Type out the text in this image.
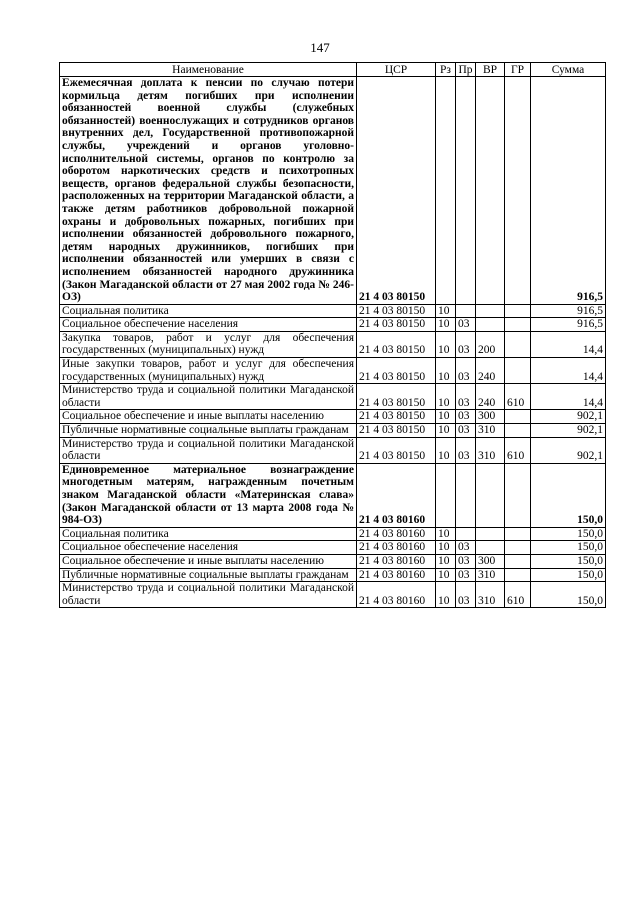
147
Наименование	ЦСР	Рз	Пр	ВР	ГР	Сумма
Ежемесячная доплата к пенсии по случаю потери кормильца детям погибших при исполнении обязанностей военной службы (служебных обязанностей) военнослужащих и сотрудников органов внутренних дел, Государственной противопожарной службы, учреждений и органов уголовно-исполнительной системы, органов по контролю за оборотом наркотических средств и психотропных веществ, органов федеральной службы безопасности, расположенных на территории Магаданской области, а также детям работников добровольной пожарной охраны и добровольных пожарных, погибших при исполнении обязанностей добровольного пожарного, детям народных дружинников, погибших при исполнении обязанностей или умерших в связи с исполнением обязанностей народного дружинника (Закон Магаданской области от 27 мая 2002 года № 246-ОЗ)	21 4 03 80150					916,5
Социальная политика	21 4 03 80150	10				916,5
Социальное обеспечение населения	21 4 03 80150	10	03			916,5
Закупка товаров, работ и услуг для обеспечения государственных (муниципальных) нужд	21 4 03 80150	10	03	200		14,4
Иные закупки товаров, работ и услуг для обеспечения государственных (муниципальных) нужд	21 4 03 80150	10	03	240		14,4
Министерство труда и социальной политики Магаданской области	21 4 03 80150	10	03	240	610	14,4
Социальное обеспечение и иные выплаты населению	21 4 03 80150	10	03	300		902,1
Публичные нормативные социальные выплаты гражданам	21 4 03 80150	10	03	310		902,1
Министерство труда и социальной политики Магаданской области	21 4 03 80150	10	03	310	610	902,1
Единовременное материальное вознаграждение многодетным матерям, награжденным почетным знаком Магаданской области «Материнская слава» (Закон Магаданской области от 13 марта 2008 года № 984-ОЗ)	21 4 03 80160					150,0
Социальная политика	21 4 03 80160	10				150,0
Социальное обеспечение населения	21 4 03 80160	10	03			150,0
Социальное обеспечение и иные выплаты населению	21 4 03 80160	10	03	300		150,0
Публичные нормативные социальные выплаты гражданам	21 4 03 80160	10	03	310		150,0
Министерство труда и социальной политики Магаданской области	21 4 03 80160	10	03	310	610	150,0
